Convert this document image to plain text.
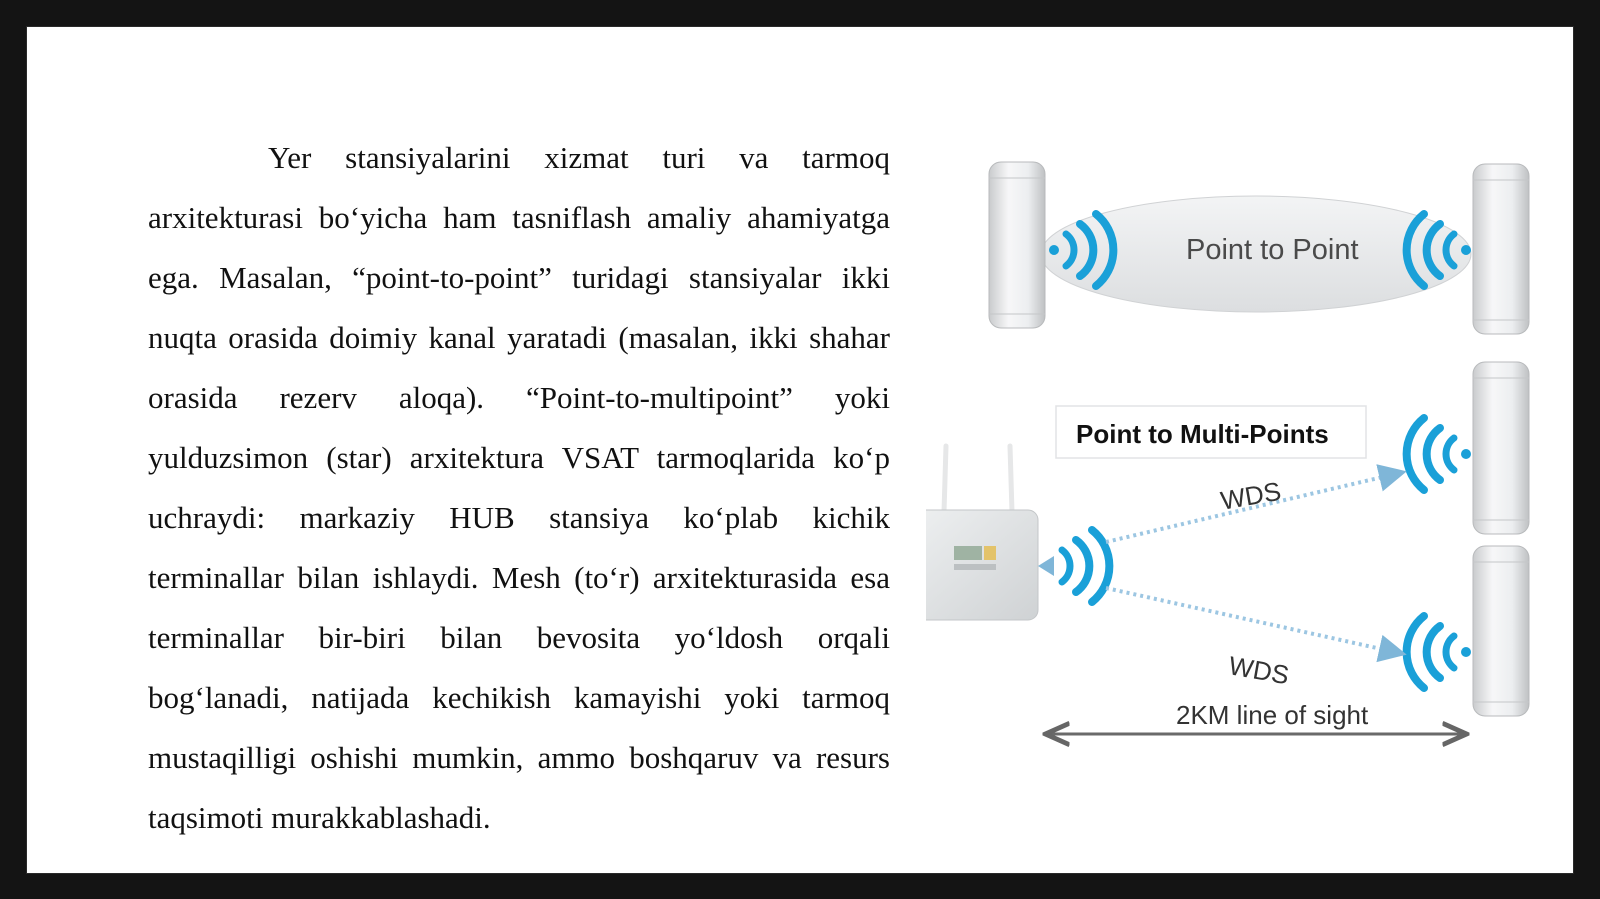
Yer stansiyalarini xizmat turi va tarmoq arxitekturasi bo‘yicha ham tasniflash amaliy ahamiyatga ega. Masalan, “point-to-point” turidagi stansiyalar ikki nuqta orasida doimiy kanal yaratadi (masalan, ikki shahar orasida rezerv aloqa). “Point-to-multipoint” yoki yulduzsimon (star) arxitektura VSAT tarmoqlarida ko‘p uchraydi: markaziy HUB stansiya ko‘plab kichik terminallar bilan ishlaydi. Mesh (to‘r) arxitekturasida esa terminallar bir-biri bilan bevosita yo‘ldosh orqali bog‘lanadi, natijada kechikish kamayishi yoki tarmoq mustaqilligi oshishi mumkin, ammo boshqaruv va resurs taqsimoti murakkablashadi.

Point to Point
Point to Multi-Points
WDS
WDS
2KM line of sight
